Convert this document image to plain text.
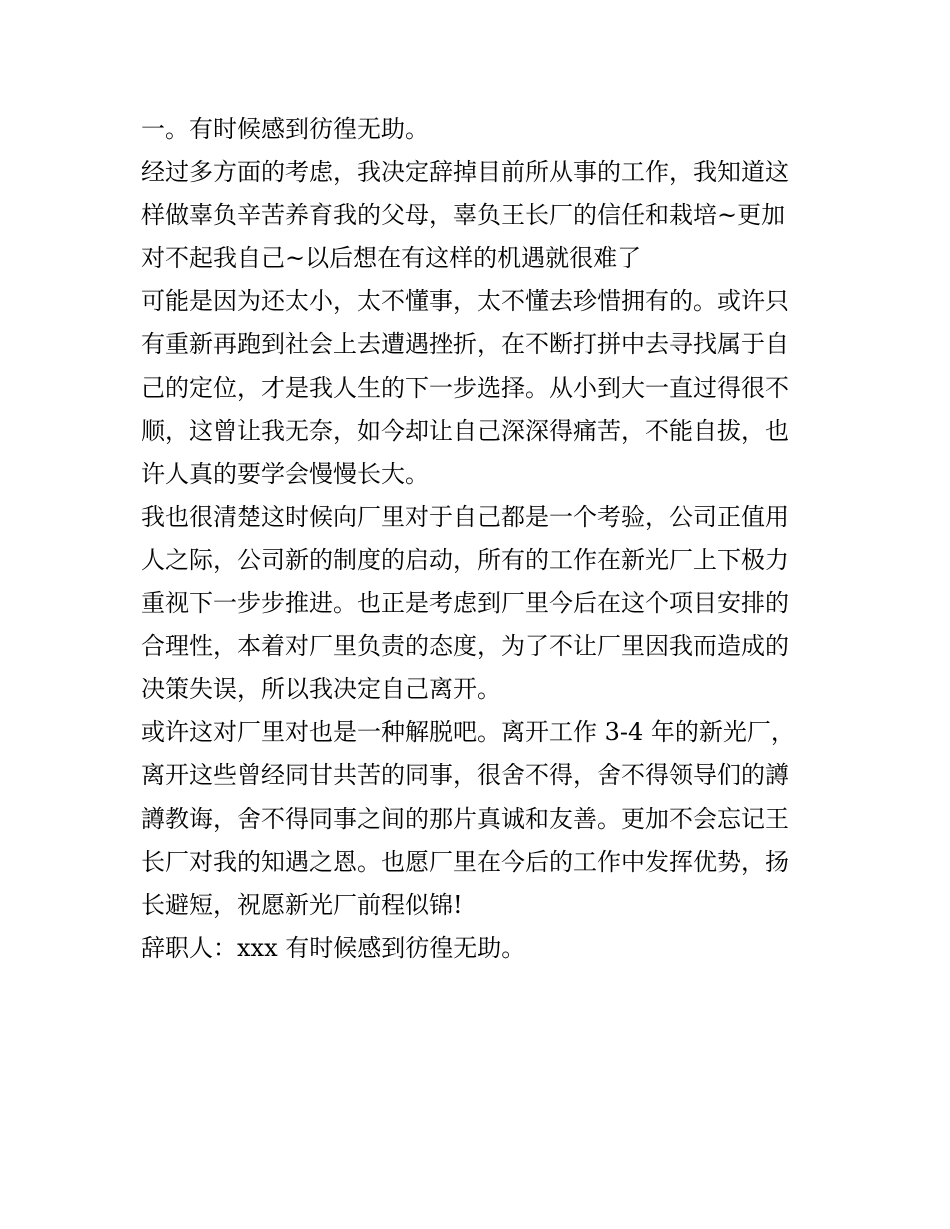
一。有时候感到彷徨无助。
经过多方面的考虑，我决定辞掉目前所从事的工作，我知道这
样做辜负辛苦养育我的父母，辜负王长厂的信任和栽培~更加
对不起我自己~以后想在有这样的机遇就很难了
可能是因为还太小，太不懂事，太不懂去珍惜拥有的。或许只
有重新再跑到社会上去遭遇挫折，在不断打拼中去寻找属于自
己的定位，才是我人生的下一步选择。从小到大一直过得很不
顺，这曾让我无奈，如今却让自己深深得痛苦，不能自拔，也
许人真的要学会慢慢长大。
我也很清楚这时候向厂里对于自己都是一个考验，公司正值用
人之际，公司新的制度的启动，所有的工作在新光厂上下极力
重视下一步步推进。也正是考虑到厂里今后在这个项目安排的
合理性，本着对厂里负责的态度，为了不让厂里因我而造成的
决策失误，所以我决定自己离开。
或许这对厂里对也是一种解脱吧。离开工作 3-4 年的新光厂，
离开这些曾经同甘共苦的同事，很舍不得，舍不得领导们的譐
譐教诲，舍不得同事之间的那片真诚和友善。更加不会忘记王
长厂对我的知遇之恩。也愿厂里在今后的工作中发挥优势，扬
长避短，祝愿新光厂前程似锦!
辞职人：xxx 有时候感到彷徨无助。
